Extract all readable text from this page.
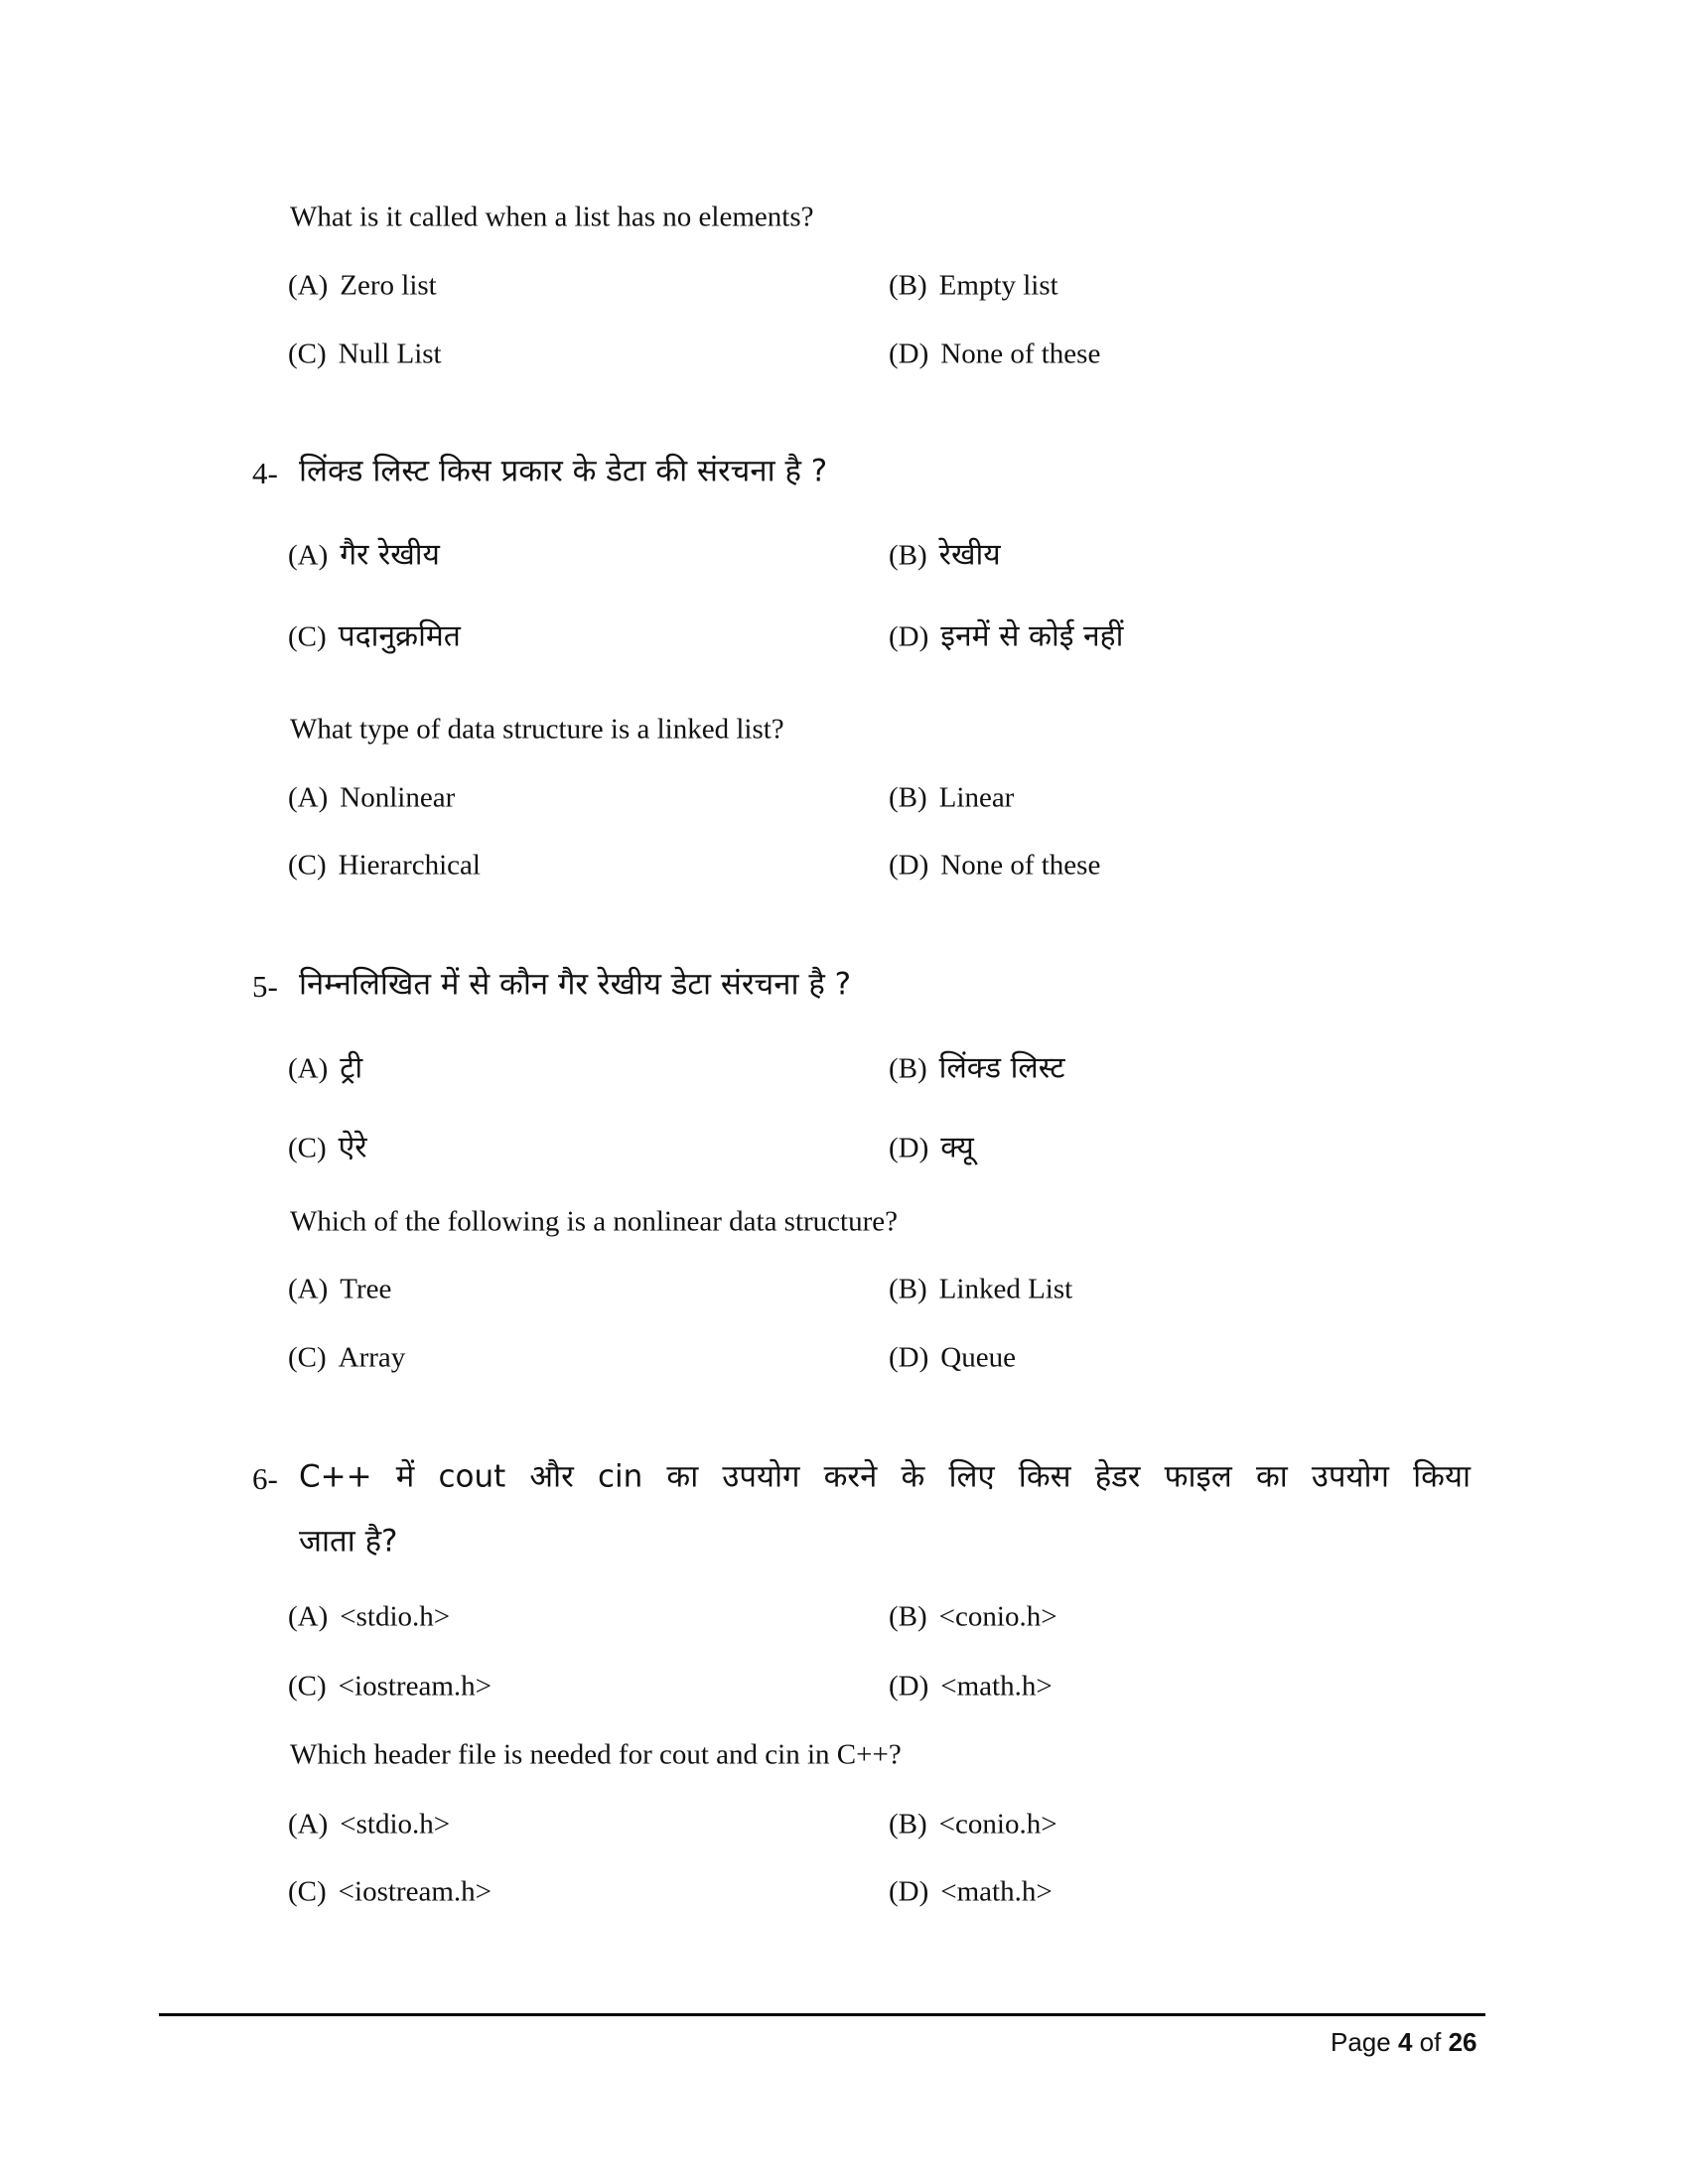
What is it called when a list has no elements?
(A) Zero list	(B) Empty list
(C) Null List	(D) None of these
4- लिंक्ड लिस्ट किस प्रकार के डेटा की संरचना है ?
(A) गैर रेखीय	(B) रेखीय
(C) पदानुक्रमित	(D) इनमें से कोई नहीं
What type of data structure is a linked list?
(A) Nonlinear	(B) Linear
(C) Hierarchical	(D) None of these
5- निम्नलिखित में से कौन गैर रेखीय डेटा संरचना है ?
(A) ट्री	(B) लिंक्ड लिस्ट
(C) ऐरे	(D) क्यू
Which of the following is a nonlinear data structure?
(A) Tree	(B) Linked List
(C) Array	(D) Queue
6- C++ में cout और cin का उपयोग करने के लिए किस हेडर फाइल का उपयोग किया
जाता है?
(A) <stdio.h>	(B) <conio.h>
(C) <iostream.h>	(D) <math.h>
Which header file is needed for cout and cin in C++?
(A) <stdio.h>	(B) <conio.h>
(C) <iostream.h>	(D) <math.h>
Page 4 of 26
